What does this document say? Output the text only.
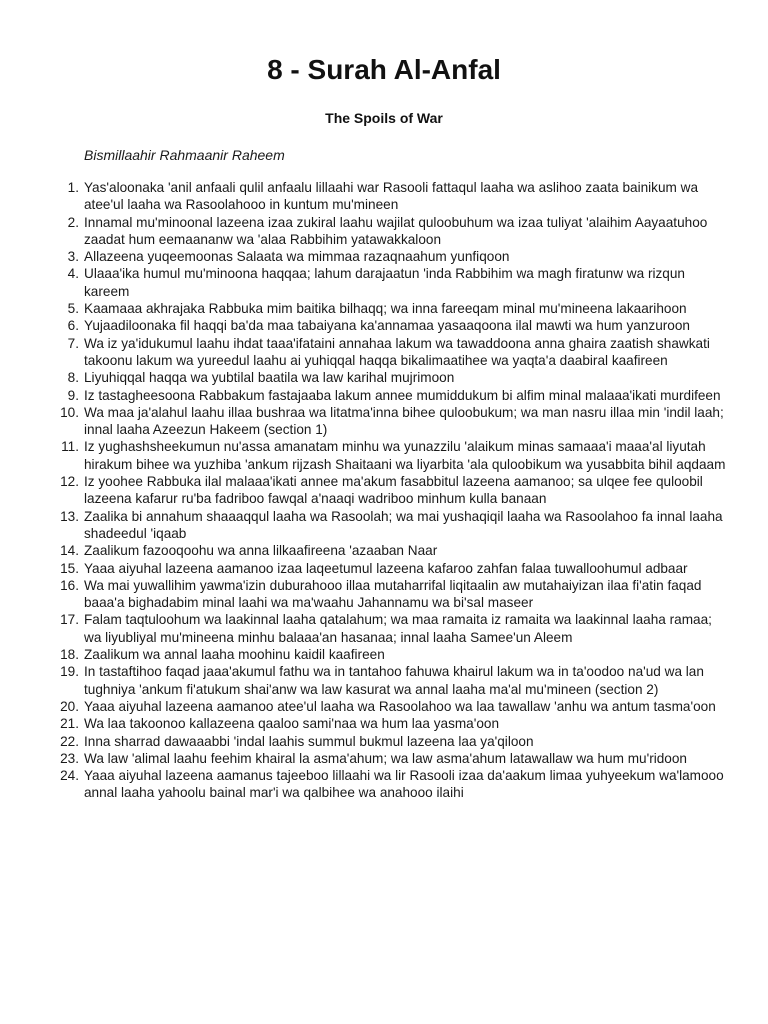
8 - Surah Al-Anfal
The Spoils of War

Bismillaahir Rahmaanir Raheem

1. Yas'aloonaka 'anil anfaali qulil anfaalu lillaahi war Rasooli fattaqul laaha wa aslihoo zaata bainikum wa atee'ul laaha wa Rasoolahooo in kuntum mu'mineen
2. Innamal mu'minoonal lazeena izaa zukiral laahu wajilat quloobuhum wa izaa tuliyat 'alaihim Aayaatuhoo zaadat hum eemaananw wa 'alaa Rabbihim yatawakkaloon
3. Allazeena yuqeemoonas Salaata wa mimmaa razaqnaahum yunfiqoon
4. Ulaaa'ika humul mu'minoona haqqaa; lahum darajaatun 'inda Rabbihim wa magh firatunw wa rizqun kareem
5. Kaamaaa akhrajaka Rabbuka mim baitika bilhaqq; wa inna fareeqam minal mu'mineena lakaarihoon
6. Yujaadiloonaka fil haqqi ba'da maa tabaiyana ka'annamaa yasaaqoona ilal mawti wa hum yanzuroon
7. Wa iz ya'idukumul laahu ihdat taaa'ifataini annahaa lakum wa tawaddoona anna ghaira zaatish shawkati takoonu lakum wa yureedul laahu ai yuhiqqal haqqa bikalimaatihee wa yaqta'a daabiral kaafireen
8. Liyuhiqqal haqqa wa yubtilal baatila wa law karihal mujrimoon
9. Iz tastagheesoona Rabbakum fastajaaba lakum annee mumiddukum bi alfim minal malaaa'ikati murdifeen
10. Wa maa ja'alahul laahu illaa bushraa wa litatma'inna bihee quloobukum; wa man nasru illaa min 'indil laah; innal laaha Azeezun Hakeem (section 1)
11. Iz yughashsheekumun nu'assa amanatam minhu wa yunazzilu 'alaikum minas samaaa'i maaa'al liyutah hirakum bihee wa yuzhiba 'ankum rijzash Shaitaani wa liyarbita 'ala quloobikum wa yusabbita bihil aqdaam
12. Iz yoohee Rabbuka ilal malaaa'ikati annee ma'akum fasabbitul lazeena aamanoo; sa ulqee fee quloobil lazeena kafarur ru'ba fadriboo fawqal a'naaqi wadriboo minhum kulla banaan
13. Zaalika bi annahum shaaaqqul laaha wa Rasoolah; wa mai yushaqiqil laaha wa Rasoolahoo fa innal laaha shadeedul 'iqaab
14. Zaalikum fazooqoohu wa anna lilkaafireena 'azaaban Naar
15. Yaaa aiyuhal lazeena aamanoo izaa laqeetumul lazeena kafaroo zahfan falaa tuwalloohumul adbaar
16. Wa mai yuwallihim yawma'izin duburahooo illaa mutaharrifal liqitaalin aw mutahaiyizan ilaa fi'atin faqad baaa'a bighadabim minal laahi wa ma'waahu Jahannamu wa bi'sal maseer
17. Falam taqtuloohum wa laakinnal laaha qatalahum; wa maa ramaita iz ramaita wa laakinnal laaha ramaa; wa liyubliyal mu'mineena minhu balaaa'an hasanaa; innal laaha Samee'un Aleem
18. Zaalikum wa annal laaha moohinu kaidil kaafireen
19. In tastaftihoo faqad jaaa'akumul fathu wa in tantahoo fahuwa khairul lakum wa in ta'oodoo na'ud wa lan tughniya 'ankum fi'atukum shai'anw wa law kasurat wa annal laaha ma'al mu'mineen (section 2)
20. Yaaa aiyuhal lazeena aamanoo atee'ul laaha wa Rasoolahoo wa laa tawallaw 'anhu wa antum tasma'oon
21. Wa laa takoonoo kallazeena qaaloo sami'naa wa hum laa yasma'oon
22. Inna sharrad dawaaabbi 'indal laahis summul bukmul lazeena laa ya'qiloon
23. Wa law 'alimal laahu feehim khairal la asma'ahum; wa law asma'ahum latawallaw wa hum mu'ridoon
24. Yaaa aiyuhal lazeena aamanus tajeeboo lillaahi wa lir Rasooli izaa da'aakum limaa yuhyeekum wa'lamooo annal laaha yahoolu bainal mar'i wa qalbihee wa anahooo ilaihi
